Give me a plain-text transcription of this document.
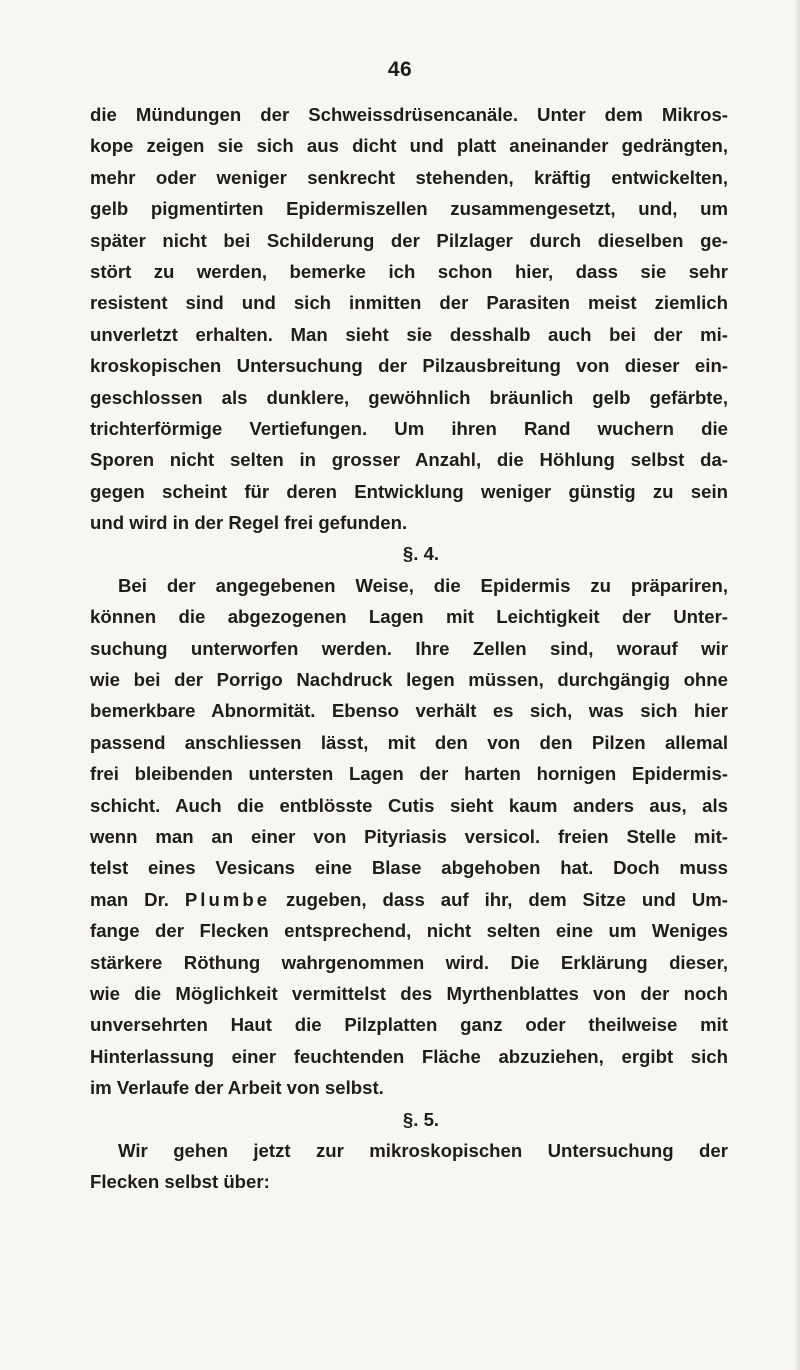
46
die Mündungen der Schweissdrüsencanäle. Unter dem Mikros-
kope zeigen sie sich aus dicht und platt aneinander gedrängten,
mehr oder weniger senkrecht stehenden, kräftig entwickelten,
gelb pigmentirten Epidermiszellen zusammengesetzt, und, um
später nicht bei Schilderung der Pilzlager durch dieselben ge-
stört zu werden, bemerke ich schon hier, dass sie sehr
resistent sind und sich inmitten der Parasiten meist ziemlich
unverletzt erhalten. Man sieht sie desshalb auch bei der mi-
kroskopischen Untersuchung der Pilzausbreitung von dieser ein-
geschlossen als dunklere, gewöhnlich bräunlich gelb gefärbte,
trichterförmige Vertiefungen. Um ihren Rand wuchern die
Sporen nicht selten in grosser Anzahl, die Höhlung selbst da-
gegen scheint für deren Entwicklung weniger günstig zu sein
und wird in der Regel frei gefunden.
§. 4.
Bei der angegebenen Weise, die Epidermis zu präpariren,
können die abgezogenen Lagen mit Leichtigkeit der Unter-
suchung unterworfen werden. Ihre Zellen sind, worauf wir
wie bei der Porrigo Nachdruck legen müssen, durchgängig ohne
bemerkbare Abnormität. Ebenso verhält es sich, was sich hier
passend anschliessen lässt, mit den von den Pilzen allemal
frei bleibenden untersten Lagen der harten hornigen Epidermis-
schicht. Auch die entblösste Cutis sieht kaum anders aus, als
wenn man an einer von Pityriasis versicol. freien Stelle mit-
telst eines Vesicans eine Blase abgehoben hat. Doch muss
man Dr. Plumbe zugeben, dass auf ihr, dem Sitze und Um-
fange der Flecken entsprechend, nicht selten eine um Weniges
stärkere Röthung wahrgenommen wird. Die Erklärung dieser,
wie die Möglichkeit vermittelst des Myrthenblattes von der noch
unversehrten Haut die Pilzplatten ganz oder theilweise mit
Hinterlassung einer feuchtenden Fläche abzuziehen, ergibt sich
im Verlaufe der Arbeit von selbst.
§. 5.
Wir gehen jetzt zur mikroskopischen Untersuchung der
Flecken selbst über:
